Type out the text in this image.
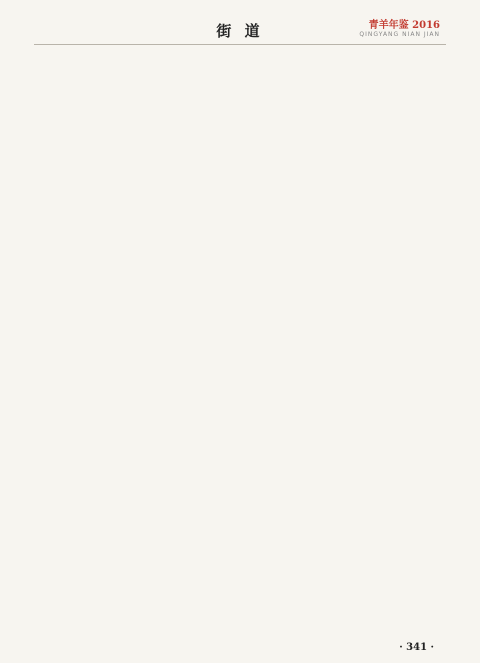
街 道	青羊年鉴 2016
QINGYANG NIAN JIAN
· 341 ·
